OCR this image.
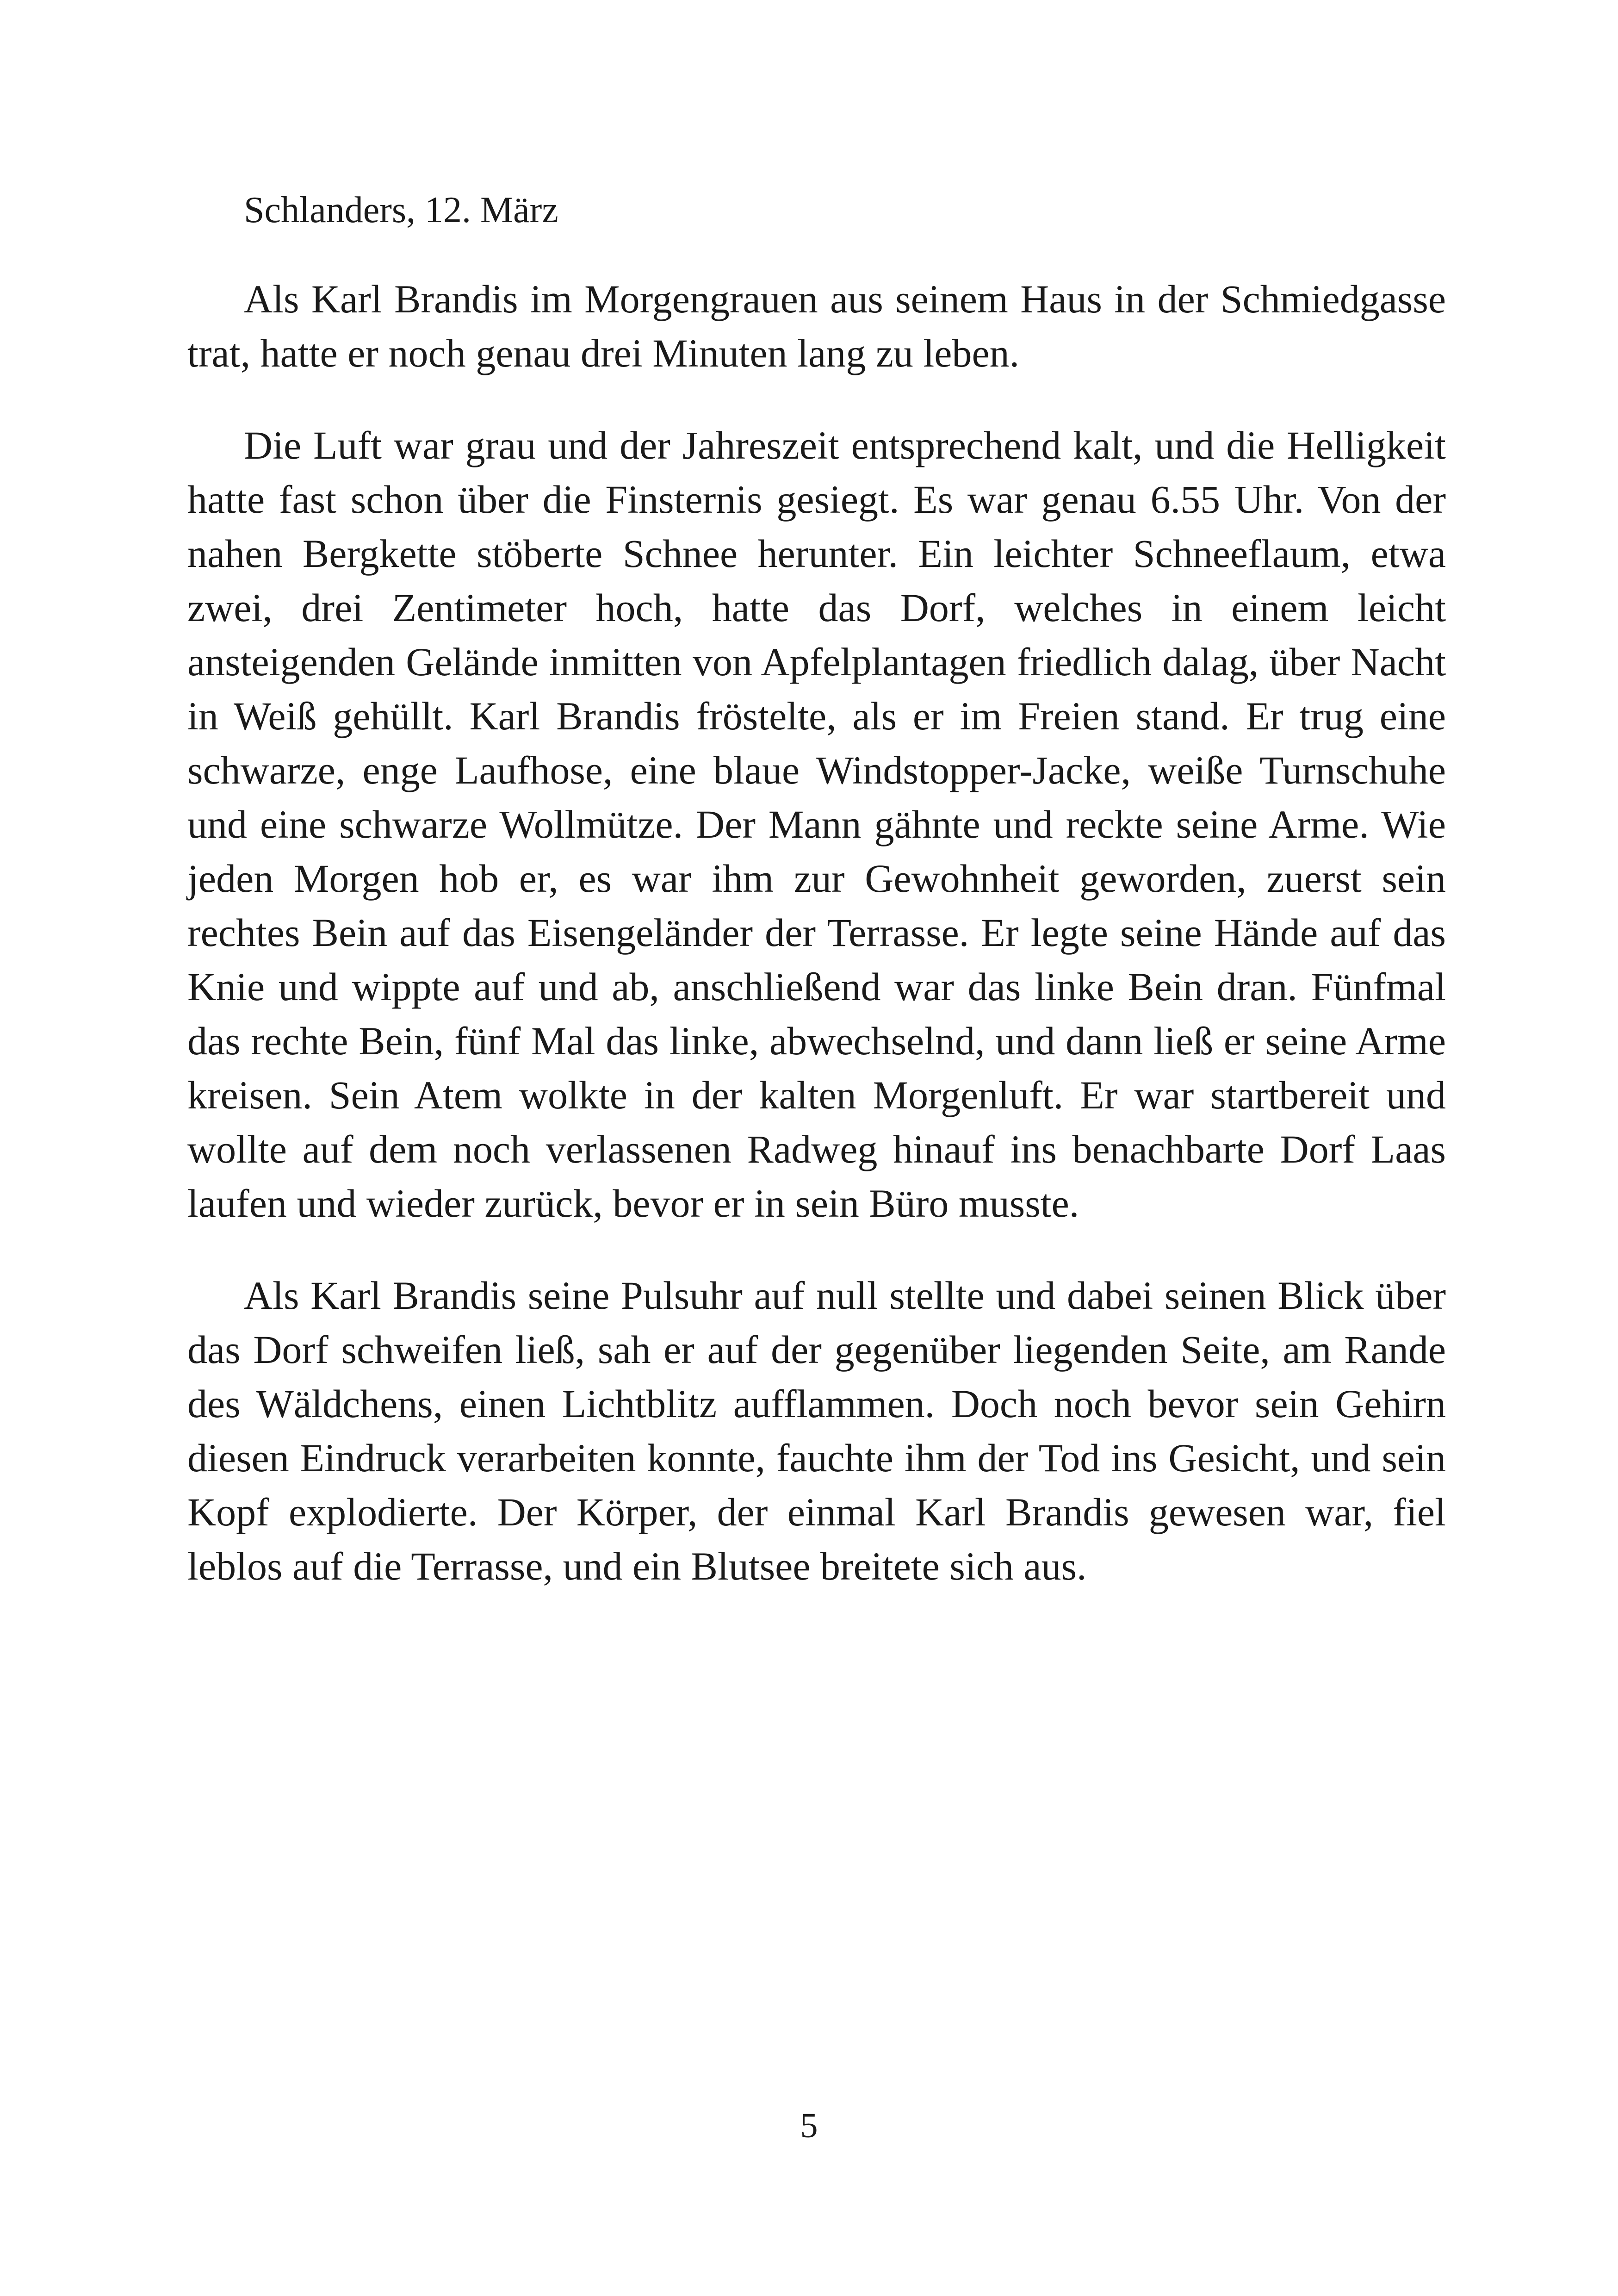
Schlanders, 12. März

Als Karl Brandis im Morgengrauen aus seinem Haus in der Schmiedgasse trat, hatte er noch genau drei Minuten lang zu leben.

Die Luft war grau und der Jahreszeit entsprechend kalt, und die Helligkeit hatte fast schon über die Finsternis gesiegt. Es war genau 6.55 Uhr. Von der nahen Bergkette stöberte Schnee herunter. Ein leichter Schneeflaum, etwa zwei, drei Zentimeter hoch, hatte das Dorf, welches in einem leicht ansteigenden Gelände inmitten von Apfelplantagen friedlich dalag, über Nacht in Weiß gehüllt. Karl Brandis fröstelte, als er im Freien stand. Er trug eine schwarze, enge Laufhose, eine blaue Windstopper-Jacke, weiße Turnschuhe und eine schwarze Wollmütze. Der Mann gähnte und reckte seine Arme. Wie jeden Morgen hob er, es war ihm zur Gewohnheit geworden, zuerst sein rechtes Bein auf das Eisengeländer der Terrasse. Er legte seine Hände auf das Knie und wippte auf und ab, anschließend war das linke Bein dran. Fünfmal das rechte Bein, fünf Mal das linke, abwechselnd, und dann ließ er seine Arme kreisen. Sein Atem wolkte in der kalten Morgenluft. Er war startbereit und wollte auf dem noch verlassenen Radweg hinauf ins benachbarte Dorf Laas laufen und wieder zurück, bevor er in sein Büro musste.

Als Karl Brandis seine Pulsuhr auf null stellte und dabei seinen Blick über das Dorf schweifen ließ, sah er auf der gegenüber liegenden Seite, am Rande des Wäldchens, einen Lichtblitz aufflammen. Doch noch bevor sein Gehirn diesen Eindruck verarbeiten konnte, fauchte ihm der Tod ins Gesicht, und sein Kopf explodierte. Der Körper, der einmal Karl Brandis gewesen war, fiel leblos auf die Terrasse, und ein Blutsee breitete sich aus.

5
